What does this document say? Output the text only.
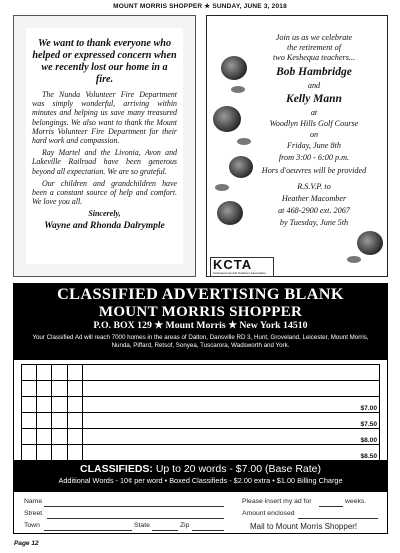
MOUNT MORRIS SHOPPER ★ SUNDAY, JUNE 3, 2018
We want to thank everyone who helped or expressed concern when we recently lost our home in a fire.

The Nunda Volunteer Fire Department was simply wonderful, arriving within minutes and helping us save many treasured belongings. We also want to thank the Mount Morris Volunteer Fire Department for their hard work and compassion.

Ray Martel and the Livonia, Avon and Lakeville Railroad have been generous beyond all expectation. We are so grateful.

Our children and grandchildren have been a constant source of help and comfort. We love you all.

Sincerely,

Wayne and Rhonda Dalrymple

Join us as we celebrate
the retirement of
two Keshequa teachers...
Bob Hambridge
and
Kelly Mann
at
Woodlyn Hills Golf Course
on
Friday, June 8th
from 3:00 - 6:00 p.m.
Hors d'oeuvres will be provided
R.S.V.P. to
Heather Macomber
at 468-2900 ext. 2067
by Tuesday, June 5th
KCTA
Keshequa Central Teachers Association
CLASSIFIED ADVERTISING BLANK
MOUNT MORRIS SHOPPER
P.O. BOX 129 ★ Mount Morris ★ New York 14510
Your Classified Ad will reach 7000 homes in the areas of Dalton, Dansville RD 3, Hunt, Groveland, Leicester, Mount Morris, Nunda, Piffard, Retsof, Sonyea, Tuscarora, Wadsworth and York.

				$7.00
				$7.50
				$8.00
				$8.50
CLASSIFIEDS: Up to 20 words - $7.00 (Base Rate)
Additional Words - 10¢ per word • Boxed Classifieds - $2.00 extra • $1.00 Billing Charge
Name
Street
Town	State	Zip
Please insert my ad for	weeks.
Amount enclosed
Mail to Mount Morris Shopper!
Page 12
